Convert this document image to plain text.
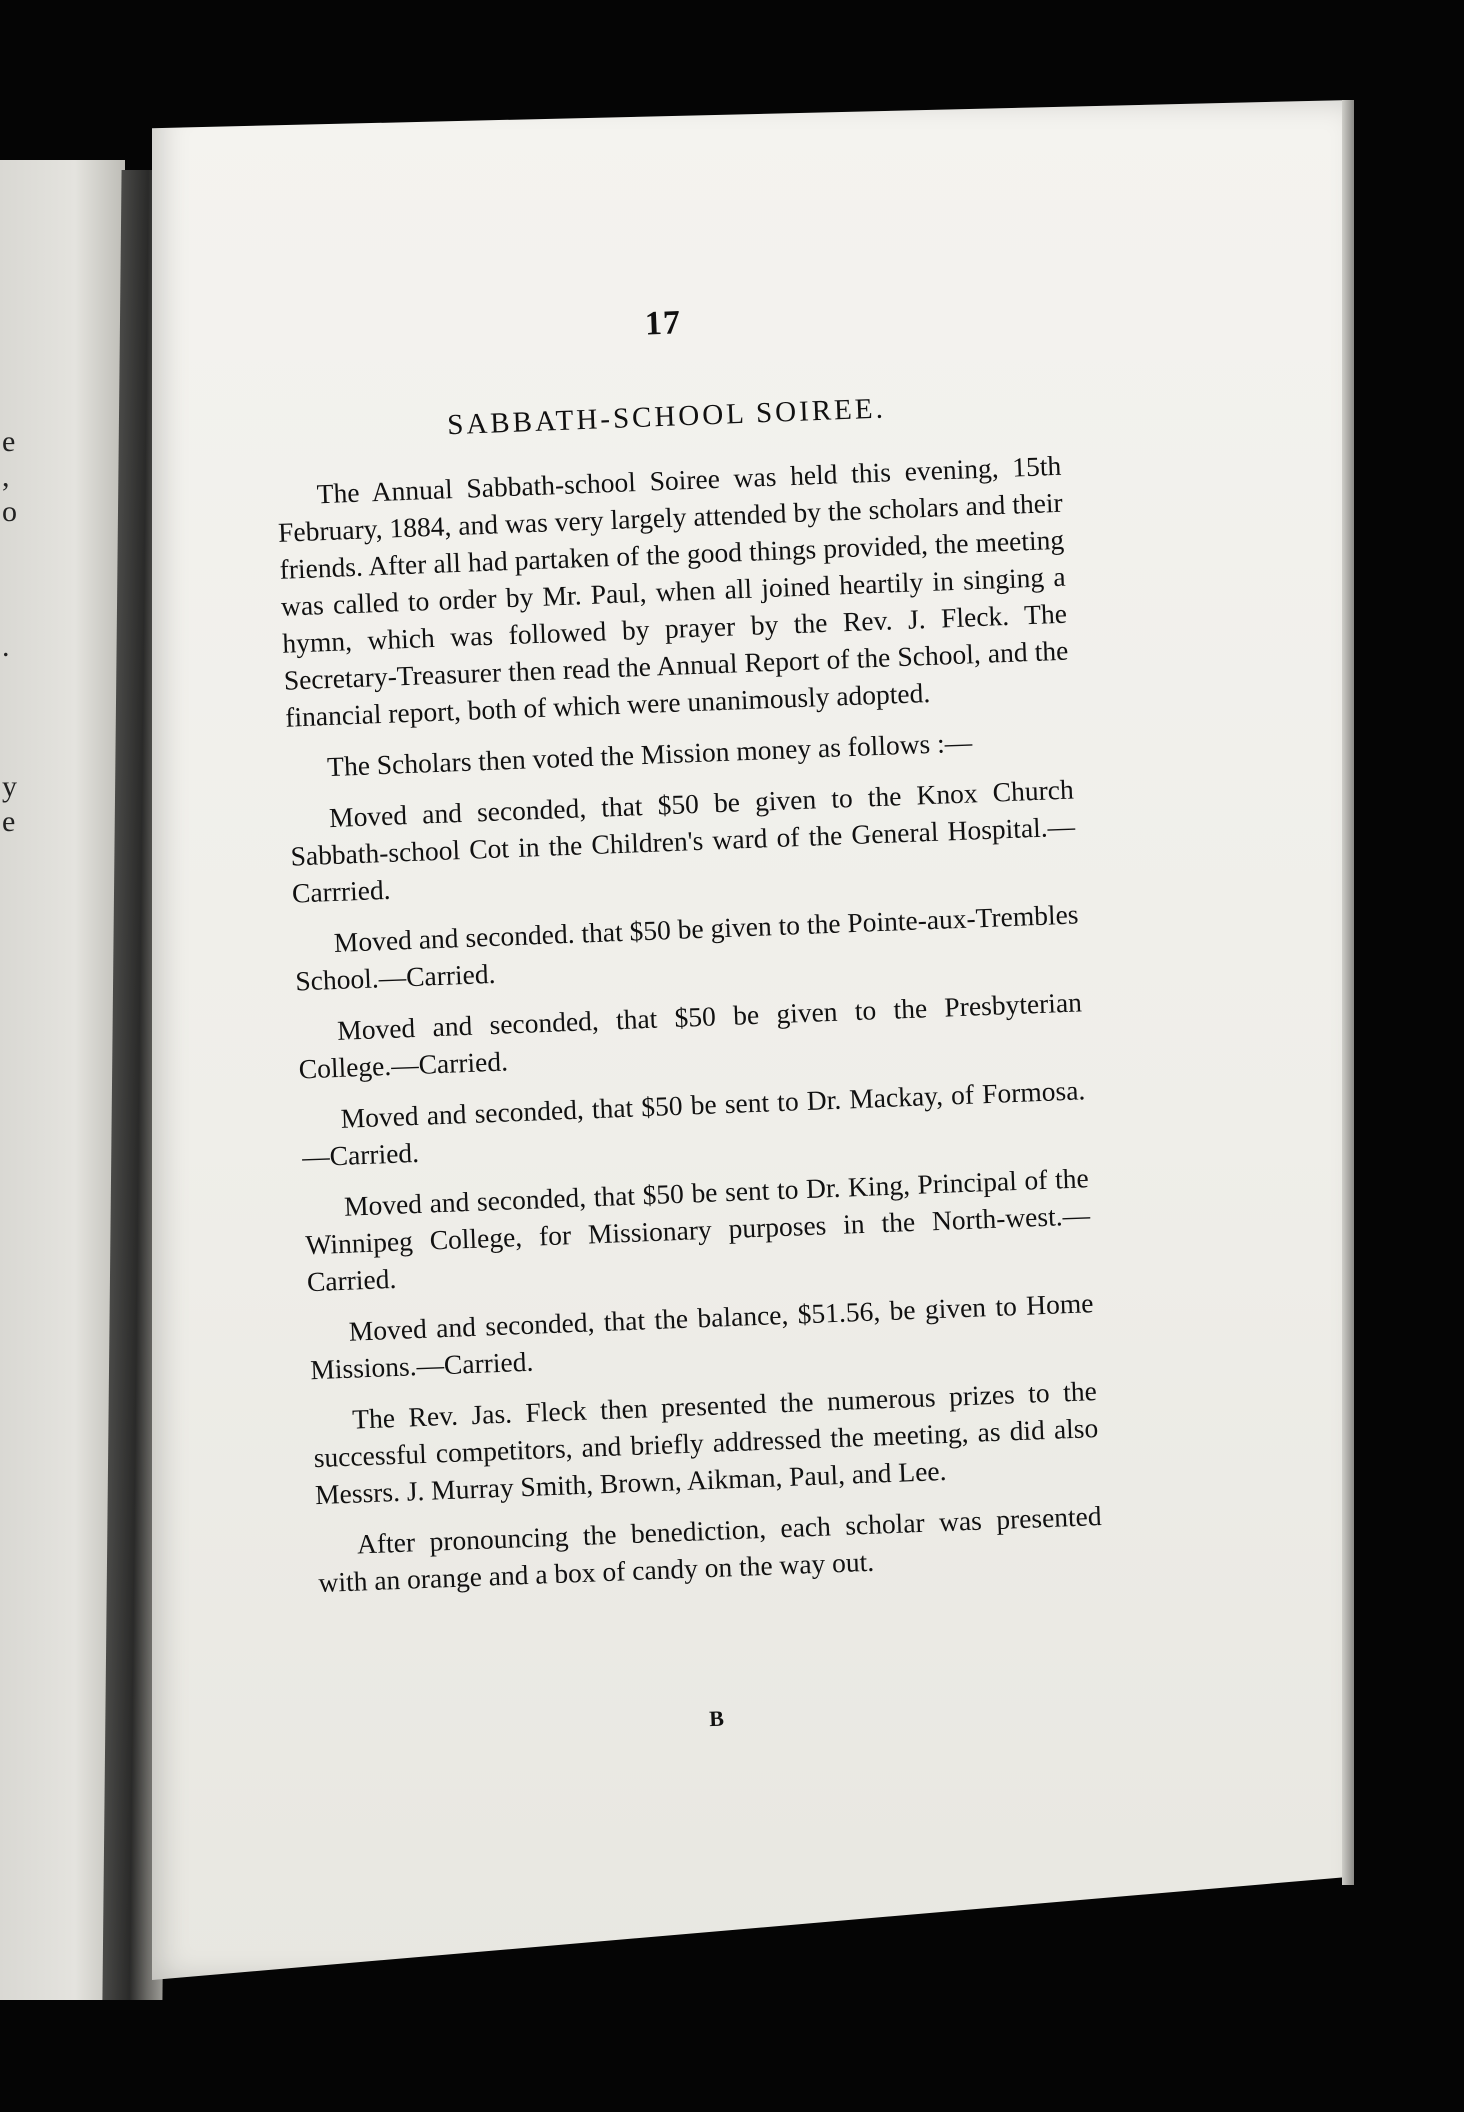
e
,
o
.
y
e
17
SABBATH-SCHOOL SOIREE.

The Annual Sabbath-school Soiree was held this evening, 15th February, 1884, and was very largely attended by the scholars and their friends. After all had partaken of the good things provided, the meeting was called to order by Mr. Paul, when all joined heartily in singing a hymn, which was followed by prayer by the Rev. J. Fleck. The Secretary-Treasurer then read the Annual Report of the School, and the financial report, both of which were unanimously adopted.

The Scholars then voted the Mission money as follows :—

Moved and seconded, that $50 be given to the Knox Church Sabbath-school Cot in the Children's ward of the General Hospital.—Carrried.

Moved and seconded. that $50 be given to the Pointe-aux-Trembles School.—Carried.

Moved and seconded, that $50 be given to the Presbyterian College.—Carried.

Moved and seconded, that $50 be sent to Dr. Mackay, of Formosa.—Carried.

Moved and seconded, that $50 be sent to Dr. King, Principal of the Winnipeg College, for Missionary purposes in the North-west.—Carried.

Moved and seconded, that the balance, $51.56, be given to Home Missions.—Carried.

The Rev. Jas. Fleck then presented the numerous prizes to the successful competitors, and briefly addressed the meeting, as did also Messrs. J. Murray Smith, Brown, Aikman, Paul, and Lee.

After pronouncing the benediction, each scholar was presented with an orange and a box of candy on the way out.

B
